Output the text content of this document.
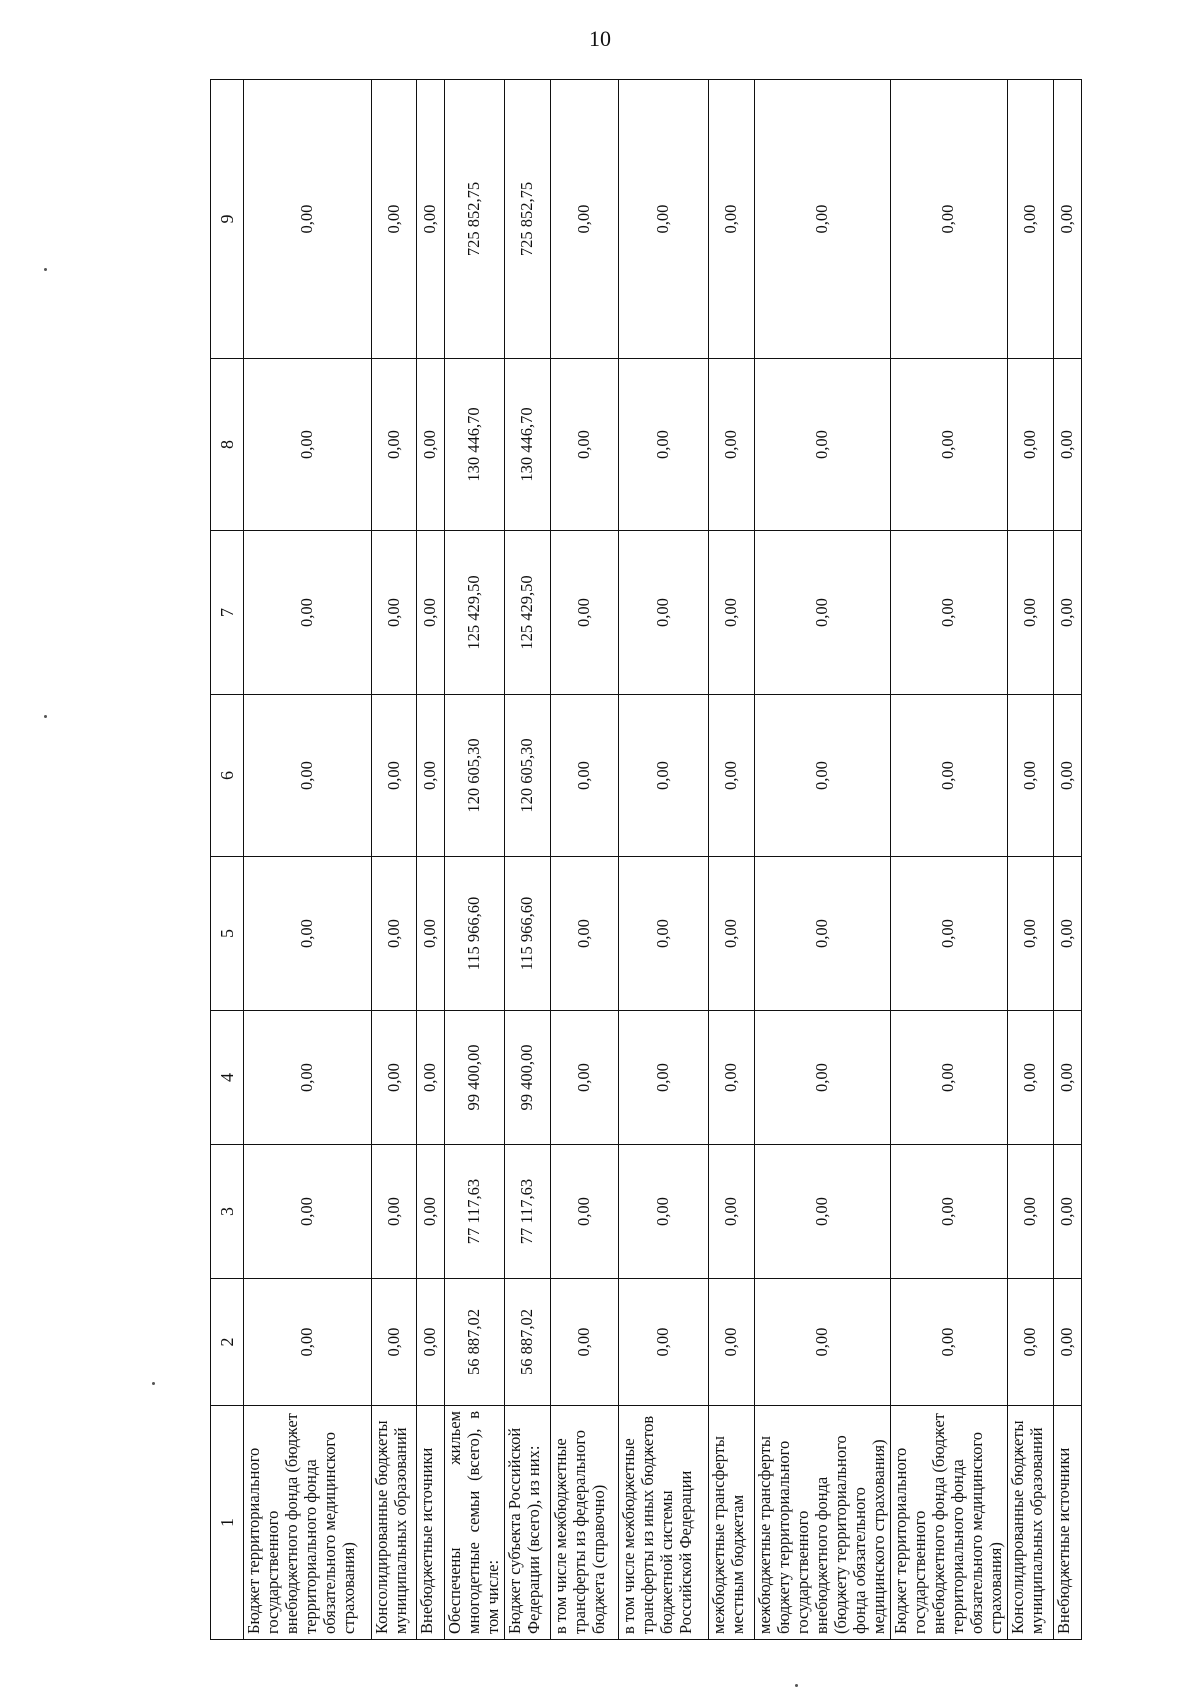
10
1	2	3	4	5	6	7	8	9
Бюджет территориального государственного внебюджетного фонда (бюджет территориального фонда обязательного медицинского страхования)	0,00	0,00	0,00	0,00	0,00	0,00	0,00	0,00
Консолидированные бюджеты муниципальных образований	0,00	0,00	0,00	0,00	0,00	0,00	0,00	0,00
Внебюджетные источники	0,00	0,00	0,00	0,00	0,00	0,00	0,00	0,00
Обеспечены жильем многодетные семьи (всего), в том числе:	56 887,02	77 117,63	99 400,00	115 966,60	120 605,30	125 429,50	130 446,70	725 852,75
Бюджет субъекта Российской Федерации (всего), из них:	56 887,02	77 117,63	99 400,00	115 966,60	120 605,30	125 429,50	130 446,70	725 852,75
в том числе межбюджетные трансферты из федерального бюджета (справочно)	0,00	0,00	0,00	0,00	0,00	0,00	0,00	0,00
в том числе межбюджетные трансферты из иных бюджетов бюджетной системы Российской Федерации	0,00	0,00	0,00	0,00	0,00	0,00	0,00	0,00
межбюджетные трансферты местным бюджетам	0,00	0,00	0,00	0,00	0,00	0,00	0,00	0,00
межбюджетные трансферты бюджету территориального государственного внебюджетного фонда (бюджету территориального фонда обязательного медицинского страхования)	0,00	0,00	0,00	0,00	0,00	0,00	0,00	0,00
Бюджет территориального государственного внебюджетного фонда (бюджет территориального фонда обязательного медицинского страхования)	0,00	0,00	0,00	0,00	0,00	0,00	0,00	0,00
Консолидированные бюджеты муниципальных образований	0,00	0,00	0,00	0,00	0,00	0,00	0,00	0,00
Внебюджетные источники	0,00	0,00	0,00	0,00	0,00	0,00	0,00	0,00
